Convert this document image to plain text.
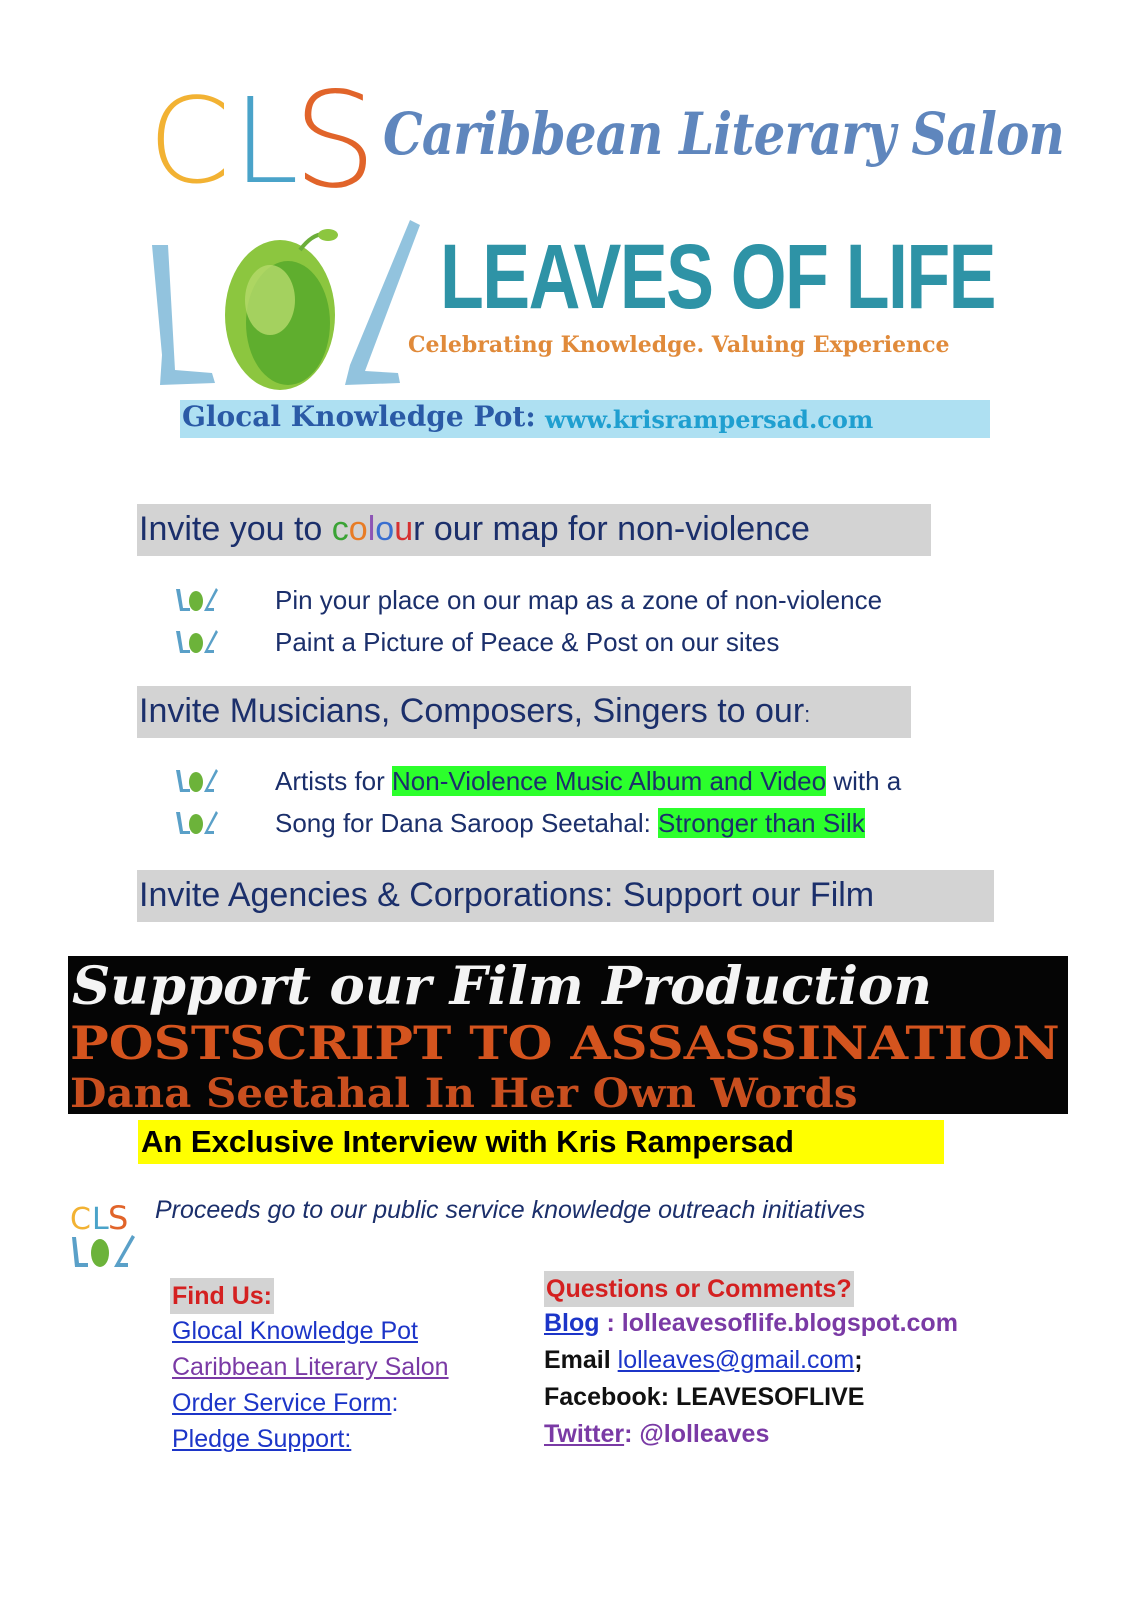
C L
S Caribbean Literary Salon
LEAVES OF LIFE
Celebrating Knowledge. Valuing Experience
Glocal Knowledge Pot: www.krisrampersad.com
Invite you to colour our map for non-violence
Pin your place on our map as a zone of non-violence
Paint a Picture of Peace & Post on our sites
Invite Musicians, Composers, Singers to our:
Artists for Non-Violence Music Album and Video with a
Song for Dana Saroop Seetahal: Stronger than Silk
Invite Agencies & Corporations: Support our Film
Support our Film Production
POSTSCRIPT TO ASSASSINATION
Dana Seetahal In Her Own Words
An Exclusive Interview with Kris Rampersad
C L S Proceeds go to our public service knowledge outreach initiatives
Find Us:
Glocal Knowledge Pot
Caribbean Literary Salon
Order Service Form:
Pledge Support:
Questions or Comments?
Blog : lolleavesoflife.blogspot.com
Email lolleaves@gmail.com;
Facebook: LEAVESOFLIVE
Twitter: @lolleaves
